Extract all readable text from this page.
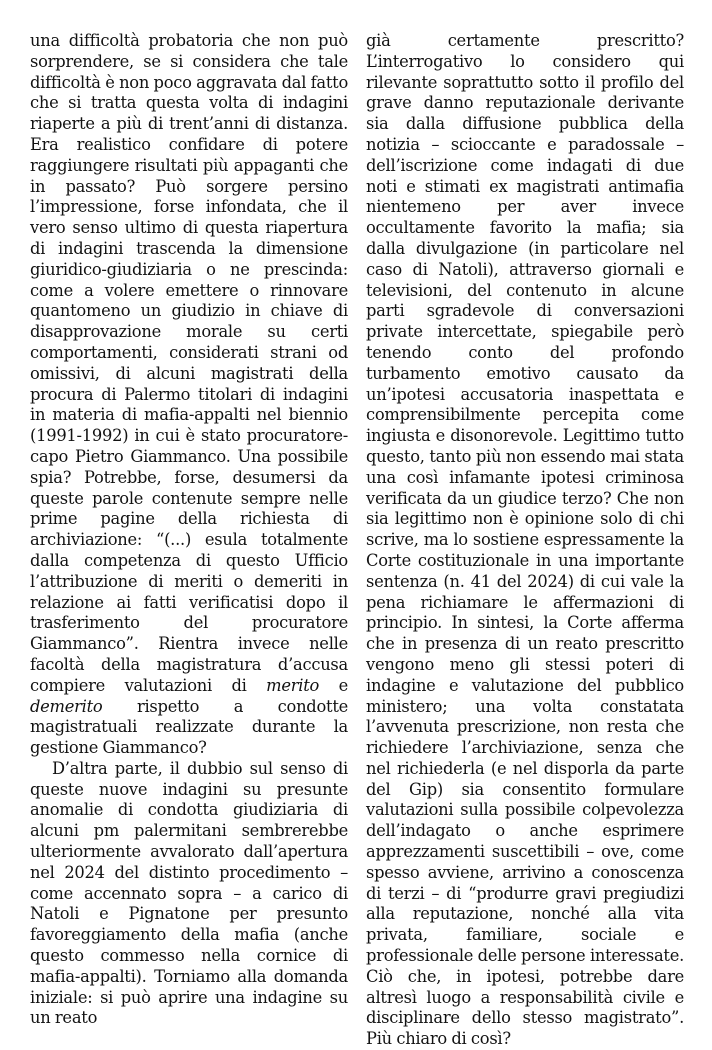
una difficoltà probatoria che non può sorprendere, se si considera che tale difficoltà è non poco aggravata dal fatto che si tratta questa volta di indagini riaperte a più di trent’anni di distanza. Era realistico confidare di potere raggiungere risultati più appaganti che in passato? Può sorgere persino l’impressione, forse infondata, che il vero senso ultimo di questa riapertura di indagini trascenda la dimensione giuridico-giudiziaria o ne prescinda: come a volere emettere o rinnovare quantomeno un giudizio in chiave di disapprovazione morale su certi comportamenti, considerati strani od omissivi, di alcuni magistrati della procura di Palermo titolari di indagini in materia di mafia-appalti nel biennio (1991-1992) in cui è stato procuratore-capo Pietro Giammanco. Una possibile spia? Potrebbe, forse, desumersi da queste parole contenute sempre nelle prime pagine della richiesta di archiviazione: “(...) esula totalmente dalla competenza di questo Ufficio l’attribuzione di meriti o demeriti in relazione ai fatti verificatisi dopo il trasferimento del procuratore Giammanco”. Rientra invece nelle facoltà della magistratura d’accusa compiere valutazioni di merito e demerito rispetto a condotte magistratuali realizzate durante la gestione Giammanco?

D’altra parte, il dubbio sul senso di queste nuove indagini su presunte anomalie di condotta giudiziaria di alcuni pm palermitani sembrerebbe ulteriormente avvalorato dall’apertura nel 2024 del distinto procedimento – come accennato sopra – a carico di Natoli e Pignatone per presunto favoreggiamento della mafia (anche questo commesso nella cornice di mafia-appalti). Torniamo alla domanda iniziale: si può aprire una indagine su un reato

già certamente prescritto? L’interrogativo lo considero qui rilevante soprattutto sotto il profilo del grave danno reputazionale derivante sia dalla diffusione pubblica della notizia – scioccante e paradossale – dell’iscrizione come indagati di due noti e stimati ex magistrati antimafia nientemeno per aver invece occultamente favorito la mafia; sia dalla divulgazione (in particolare nel caso di Natoli), attraverso giornali e televisioni, del contenuto in alcune parti sgradevole di conversazioni private intercettate, spiegabile però tenendo conto del profondo turbamento emotivo causato da un’ipotesi accusatoria inaspettata e comprensibilmente percepita come ingiusta e disonorevole. Legittimo tutto questo, tanto più non essendo mai stata una così infamante ipotesi criminosa verificata da un giudice terzo? Che non sia legittimo non è opinione solo di chi scrive, ma lo sostiene espressamente la Corte costituzionale in una importante sentenza (n. 41 del 2024) di cui vale la pena richiamare le affermazioni di principio. In sintesi, la Corte afferma che in presenza di un reato prescritto vengono meno gli stessi poteri di indagine e valutazione del pubblico ministero; una volta constatata l’avvenuta prescrizione, non resta che richiedere l’archiviazione, senza che nel richiederla (e nel disporla da parte del Gip) sia consentito formulare valutazioni sulla possibile colpevolezza dell’indagato o anche esprimere apprezzamenti suscettibili – ove, come spesso avviene, arrivino a conoscenza di terzi – di “produrre gravi pregiudizi alla reputazione, nonché alla vita privata, familiare, sociale e professionale delle persone interessate. Ciò che, in ipotesi, potrebbe dare altresì luogo a responsabilità civile e disciplinare dello stesso magistrato”. Più chiaro di così?
